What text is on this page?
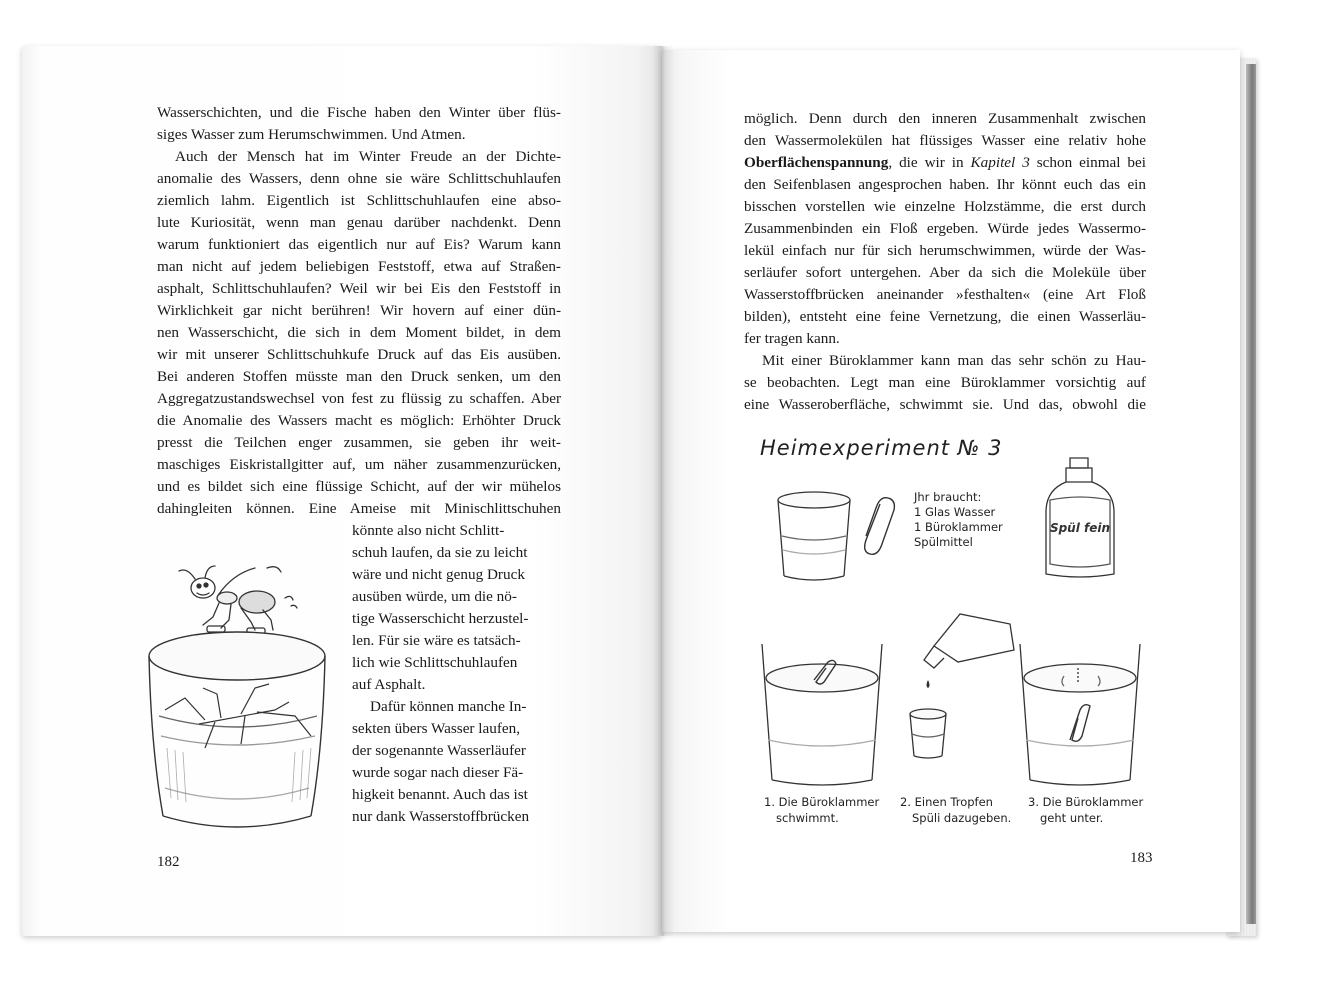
Wasserschichten, und die Fische haben den Winter über flüs-
siges Wasser zum Herumschwimmen. Und Atmen.
Auch der Mensch hat im Winter Freude an der Dichte-
anomalie des Wassers, denn ohne sie wäre Schlittschuhlaufen
ziemlich lahm. Eigentlich ist Schlittschuhlaufen eine abso-
lute Kuriosität, wenn man genau darüber nachdenkt. Denn
warum funktioniert das eigentlich nur auf Eis? Warum kann
man nicht auf jedem beliebigen Feststoff, etwa auf Straßen-
asphalt, Schlittschuhlaufen? Weil wir bei Eis den Feststoff in
Wirklichkeit gar nicht berühren! Wir hovern auf einer dün-
nen Wasserschicht, die sich in dem Moment bildet, in dem
wir mit unserer Schlittschuhkufe Druck auf das Eis ausüben.
Bei anderen Stoffen müsste man den Druck senken, um den
Aggregatzustandswechsel von fest zu flüssig zu schaffen. Aber
die Anomalie des Wassers macht es möglich: Erhöhter Druck
presst die Teilchen enger zusammen, sie geben ihr weit-
maschiges Eiskristallgitter auf, um näher zusammenzurücken,
und es bildet sich eine flüssige Schicht, auf der wir mühelos
dahingleiten können. Eine Ameise mit Minischlittschuhen
könnte also nicht Schlitt-
schuh laufen, da sie zu leicht
wäre und nicht genug Druck
ausüben würde, um die nö-
tige Wasserschicht herzustel-
len. Für sie wäre es tatsäch-
lich wie Schlittschuhlaufen
auf Asphalt.
Dafür können manche In-
sekten übers Wasser laufen,
der sogenannte Wasserläufer
wurde sogar nach dieser Fä-
higkeit benannt. Auch das ist
nur dank Wasserstoffbrücken
182
möglich. Denn durch den inneren Zusammenhalt zwischen
den Wassermolekülen hat flüssiges Wasser eine relativ hohe
Oberflächenspannung, die wir in Kapitel 3 schon einmal bei
den Seifenblasen angesprochen haben. Ihr könnt euch das ein
bisschen vorstellen wie einzelne Holzstämme, die erst durch
Zusammenbinden ein Floß ergeben. Würde jedes Wassermo-
lekül einfach nur für sich herumschwimmen, würde der Was-
serläufer sofort untergehen. Aber da sich die Moleküle über
Wasserstoffbrücken aneinander »festhalten« (eine Art Floß
bilden), entsteht eine feine Vernetzung, die einen Wasserläu-
fer tragen kann.
Mit einer Büroklammer kann man das sehr schön zu Hau-
se beobachten. Legt man eine Büroklammer vorsichtig auf
eine Wasseroberfläche, schwimmt sie. Und das, obwohl die
Heimexperiment № 3
Jhr braucht:
1 Glas Wasser
1 Büroklammer
Spülmittel
Spül fein
1. Die Büroklammer
schwimmt.
2. Einen Tropfen
Spüli dazugeben.
3. Die Büroklammer
geht unter.
183
